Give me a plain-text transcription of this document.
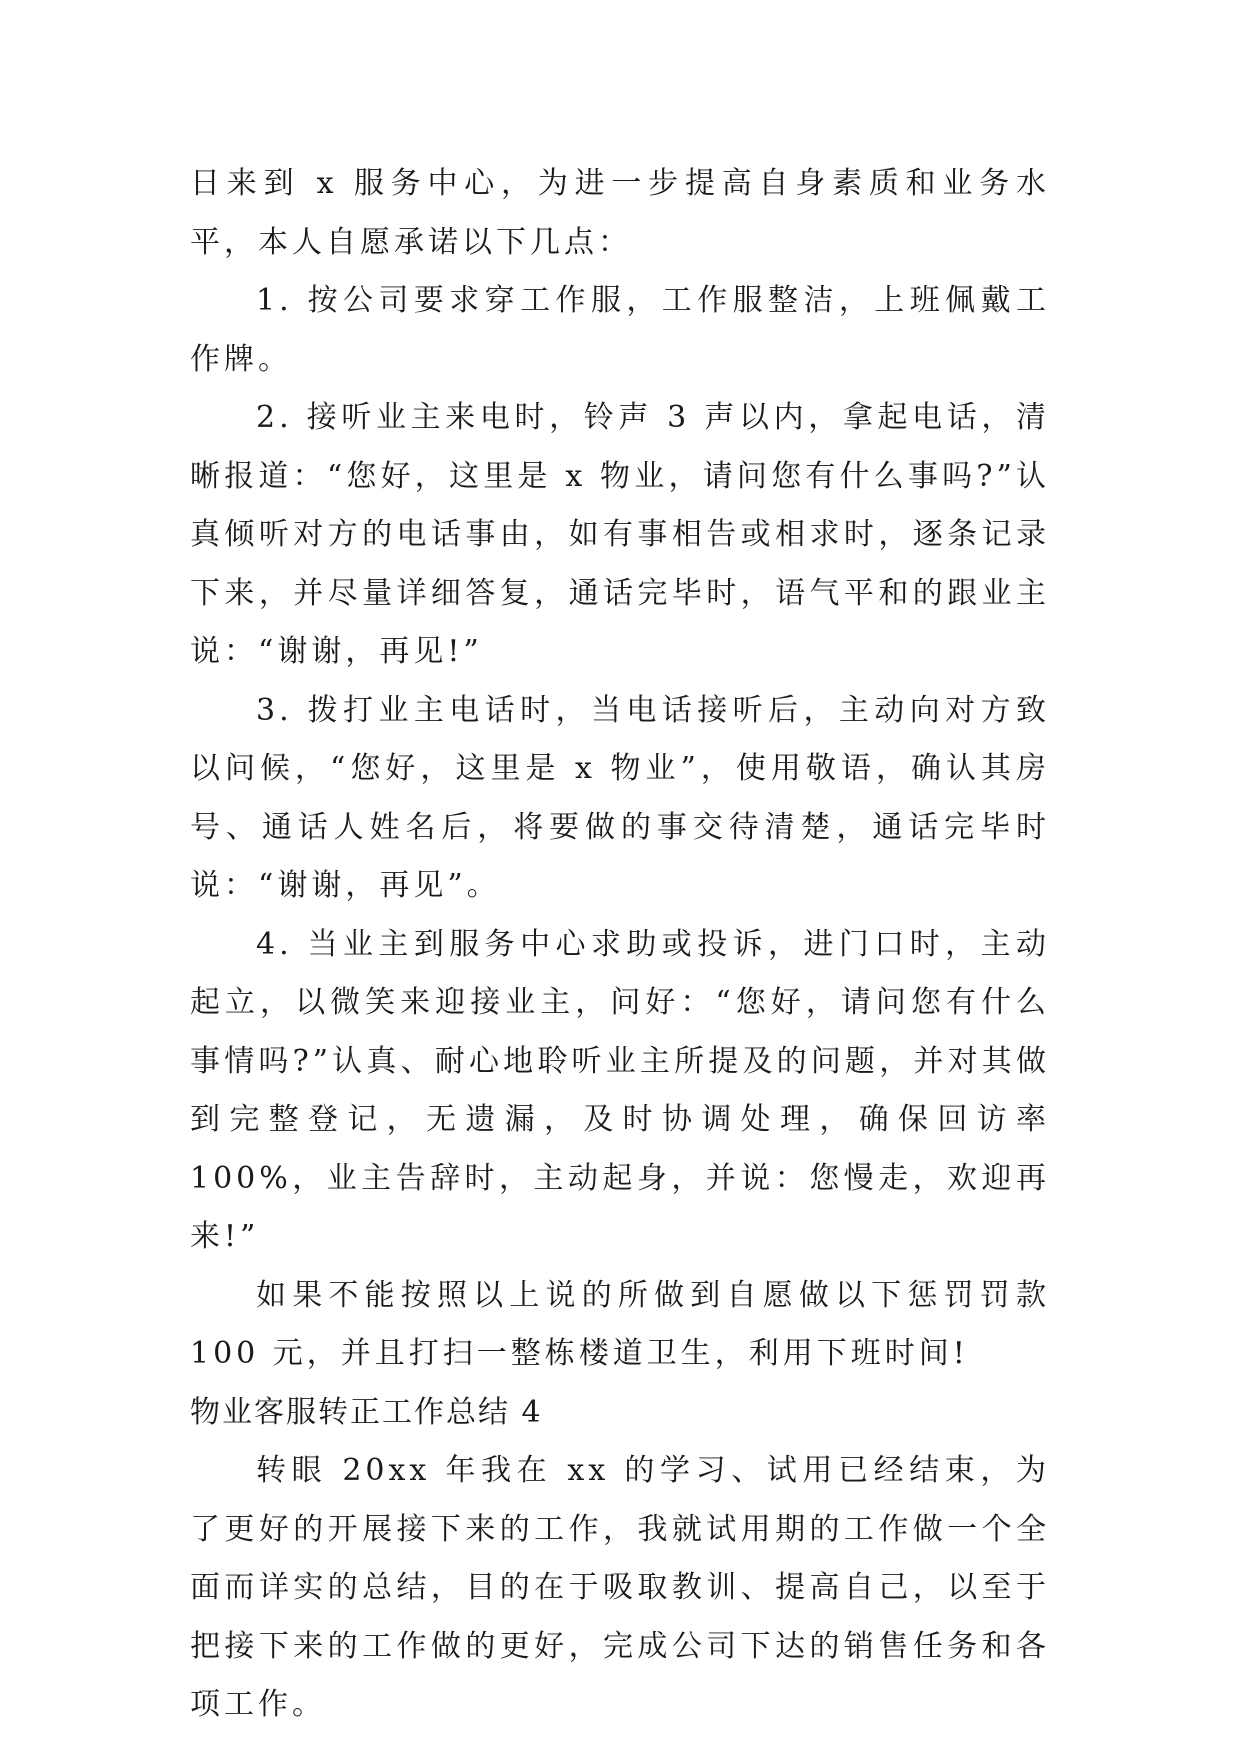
日来到 x 服务中心，为进一步提高自身素质和业务水平，本人自愿承诺以下几点：

1. 按公司要求穿工作服，工作服整洁，上班佩戴工作牌。

2. 接听业主来电时，铃声 3 声以内，拿起电话，清晰报道：“您好，这里是 x 物业，请问您有什么事吗?”认真倾听对方的电话事由，如有事相告或相求时，逐条记录下来，并尽量详细答复，通话完毕时，语气平和的跟业主说：“谢谢，再见!”

3. 拨打业主电话时，当电话接听后，主动向对方致以问候，“您好，这里是 x 物业”，使用敬语，确认其房号、通话人姓名后，将要做的事交待清楚，通话完毕时说：“谢谢，再见”。

4. 当业主到服务中心求助或投诉，进门口时，主动起立，以微笑来迎接业主，问好：“您好，请问您有什么事情吗?”认真、耐心地聆听业主所提及的问题，并对其做到完整登记，无遗漏，及时协调处理，确保回访率 100%，业主告辞时，主动起身，并说：您慢走，欢迎再来!”

如果不能按照以上说的所做到自愿做以下惩罚罚款 100 元，并且打扫一整栋楼道卫生，利用下班时间!

物业客服转正工作总结 4

转眼 20xx 年我在 xx 的学习、试用已经结束，为了更好的开展接下来的工作，我就试用期的工作做一个全面而详实的总结，目的在于吸取教训、提高自己，以至于把接下来的工作做的更好，完成公司下达的销售任务和各项工作。
